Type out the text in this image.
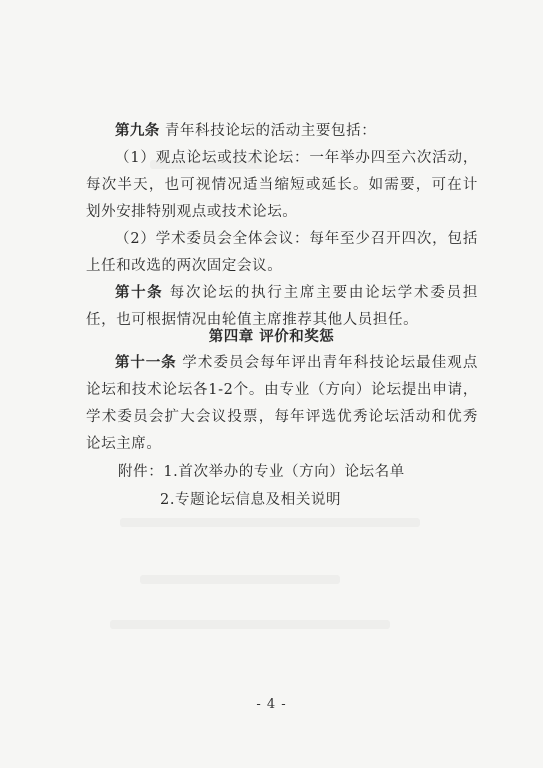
第九条 青年科技论坛的活动主要包括：

（1）观点论坛或技术论坛：一年举办四至六次活动，每次半天，也可视情况适当缩短或延长。如需要，可在计划外安排特别观点或技术论坛。

（2）学术委员会全体会议：每年至少召开四次，包括上任和改选的两次固定会议。

第十条 每次论坛的执行主席主要由论坛学术委员担任，也可根据情况由轮值主席推荐其他人员担任。

第四章 评价和奖惩

第十一条 学术委员会每年评出青年科技论坛最佳观点论坛和技术论坛各1-2个。由专业（方向）论坛提出申请，学术委员会扩大会议投票，每年评选优秀论坛活动和优秀论坛主席。

附件：1.首次举办的专业（方向）论坛名单

2.专题论坛信息及相关说明

- 4 -
